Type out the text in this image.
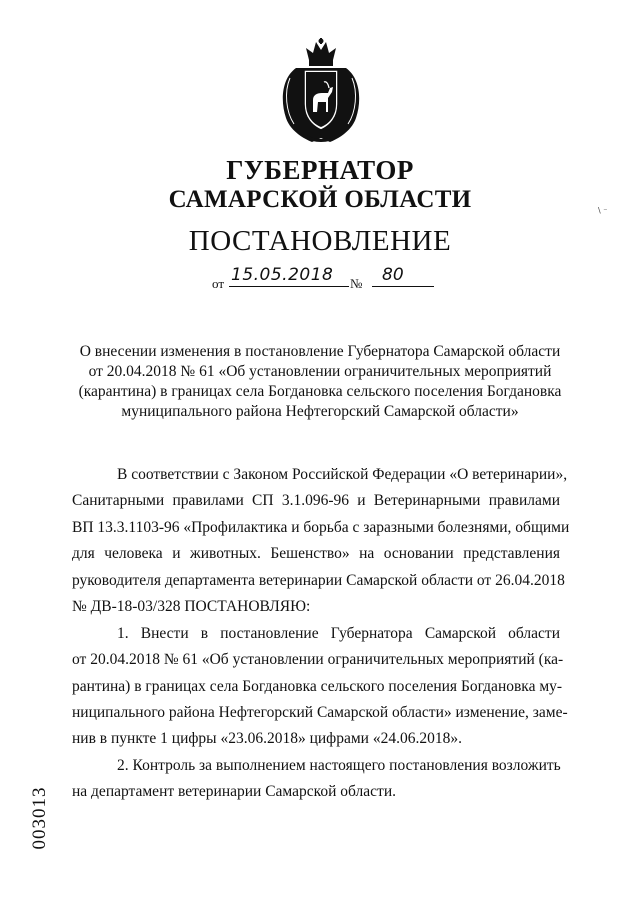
ГУБЕРНАТОР
САМАРСКОЙ ОБЛАСТИ
ПОСТАНОВЛЕНИЕ
\ ⁻
от 15.05.2018 № 80
О внесении изменения в постановление Губернатора Самарской области
от 20.04.2018 № 61 «Об установлении ограничительных мероприятий
(карантина) в границах села Богдановка сельского поселения Богдановка
муниципального района Нефтегорский Самарской области»
В соответствии с Законом Российской Федерации «О ветеринарии»,
Санитарными правилами СП 3.1.096-96 и Ветеринарными правилами
ВП 13.3.1103-96 «Профилактика и борьба с заразными болезнями, общими
для человека и животных. Бешенство» на основании представления
руководителя департамента ветеринарии Самарской области от 26.04.2018
№ ДВ-18-03/328 ПОСТАНОВЛЯЮ:
1. Внести в постановление Губернатора Самарской области
от 20.04.2018 № 61 «Об установлении ограничительных мероприятий (ка-
рантина) в границах села Богдановка сельского поселения Богдановка му-
ниципального района Нефтегорский Самарской области» изменение, заме-
нив в пункте 1 цифры «23.06.2018» цифрами «24.06.2018».
2. Контроль за выполнением настоящего постановления возложить
на департамент ветеринарии Самарской области.
003013
